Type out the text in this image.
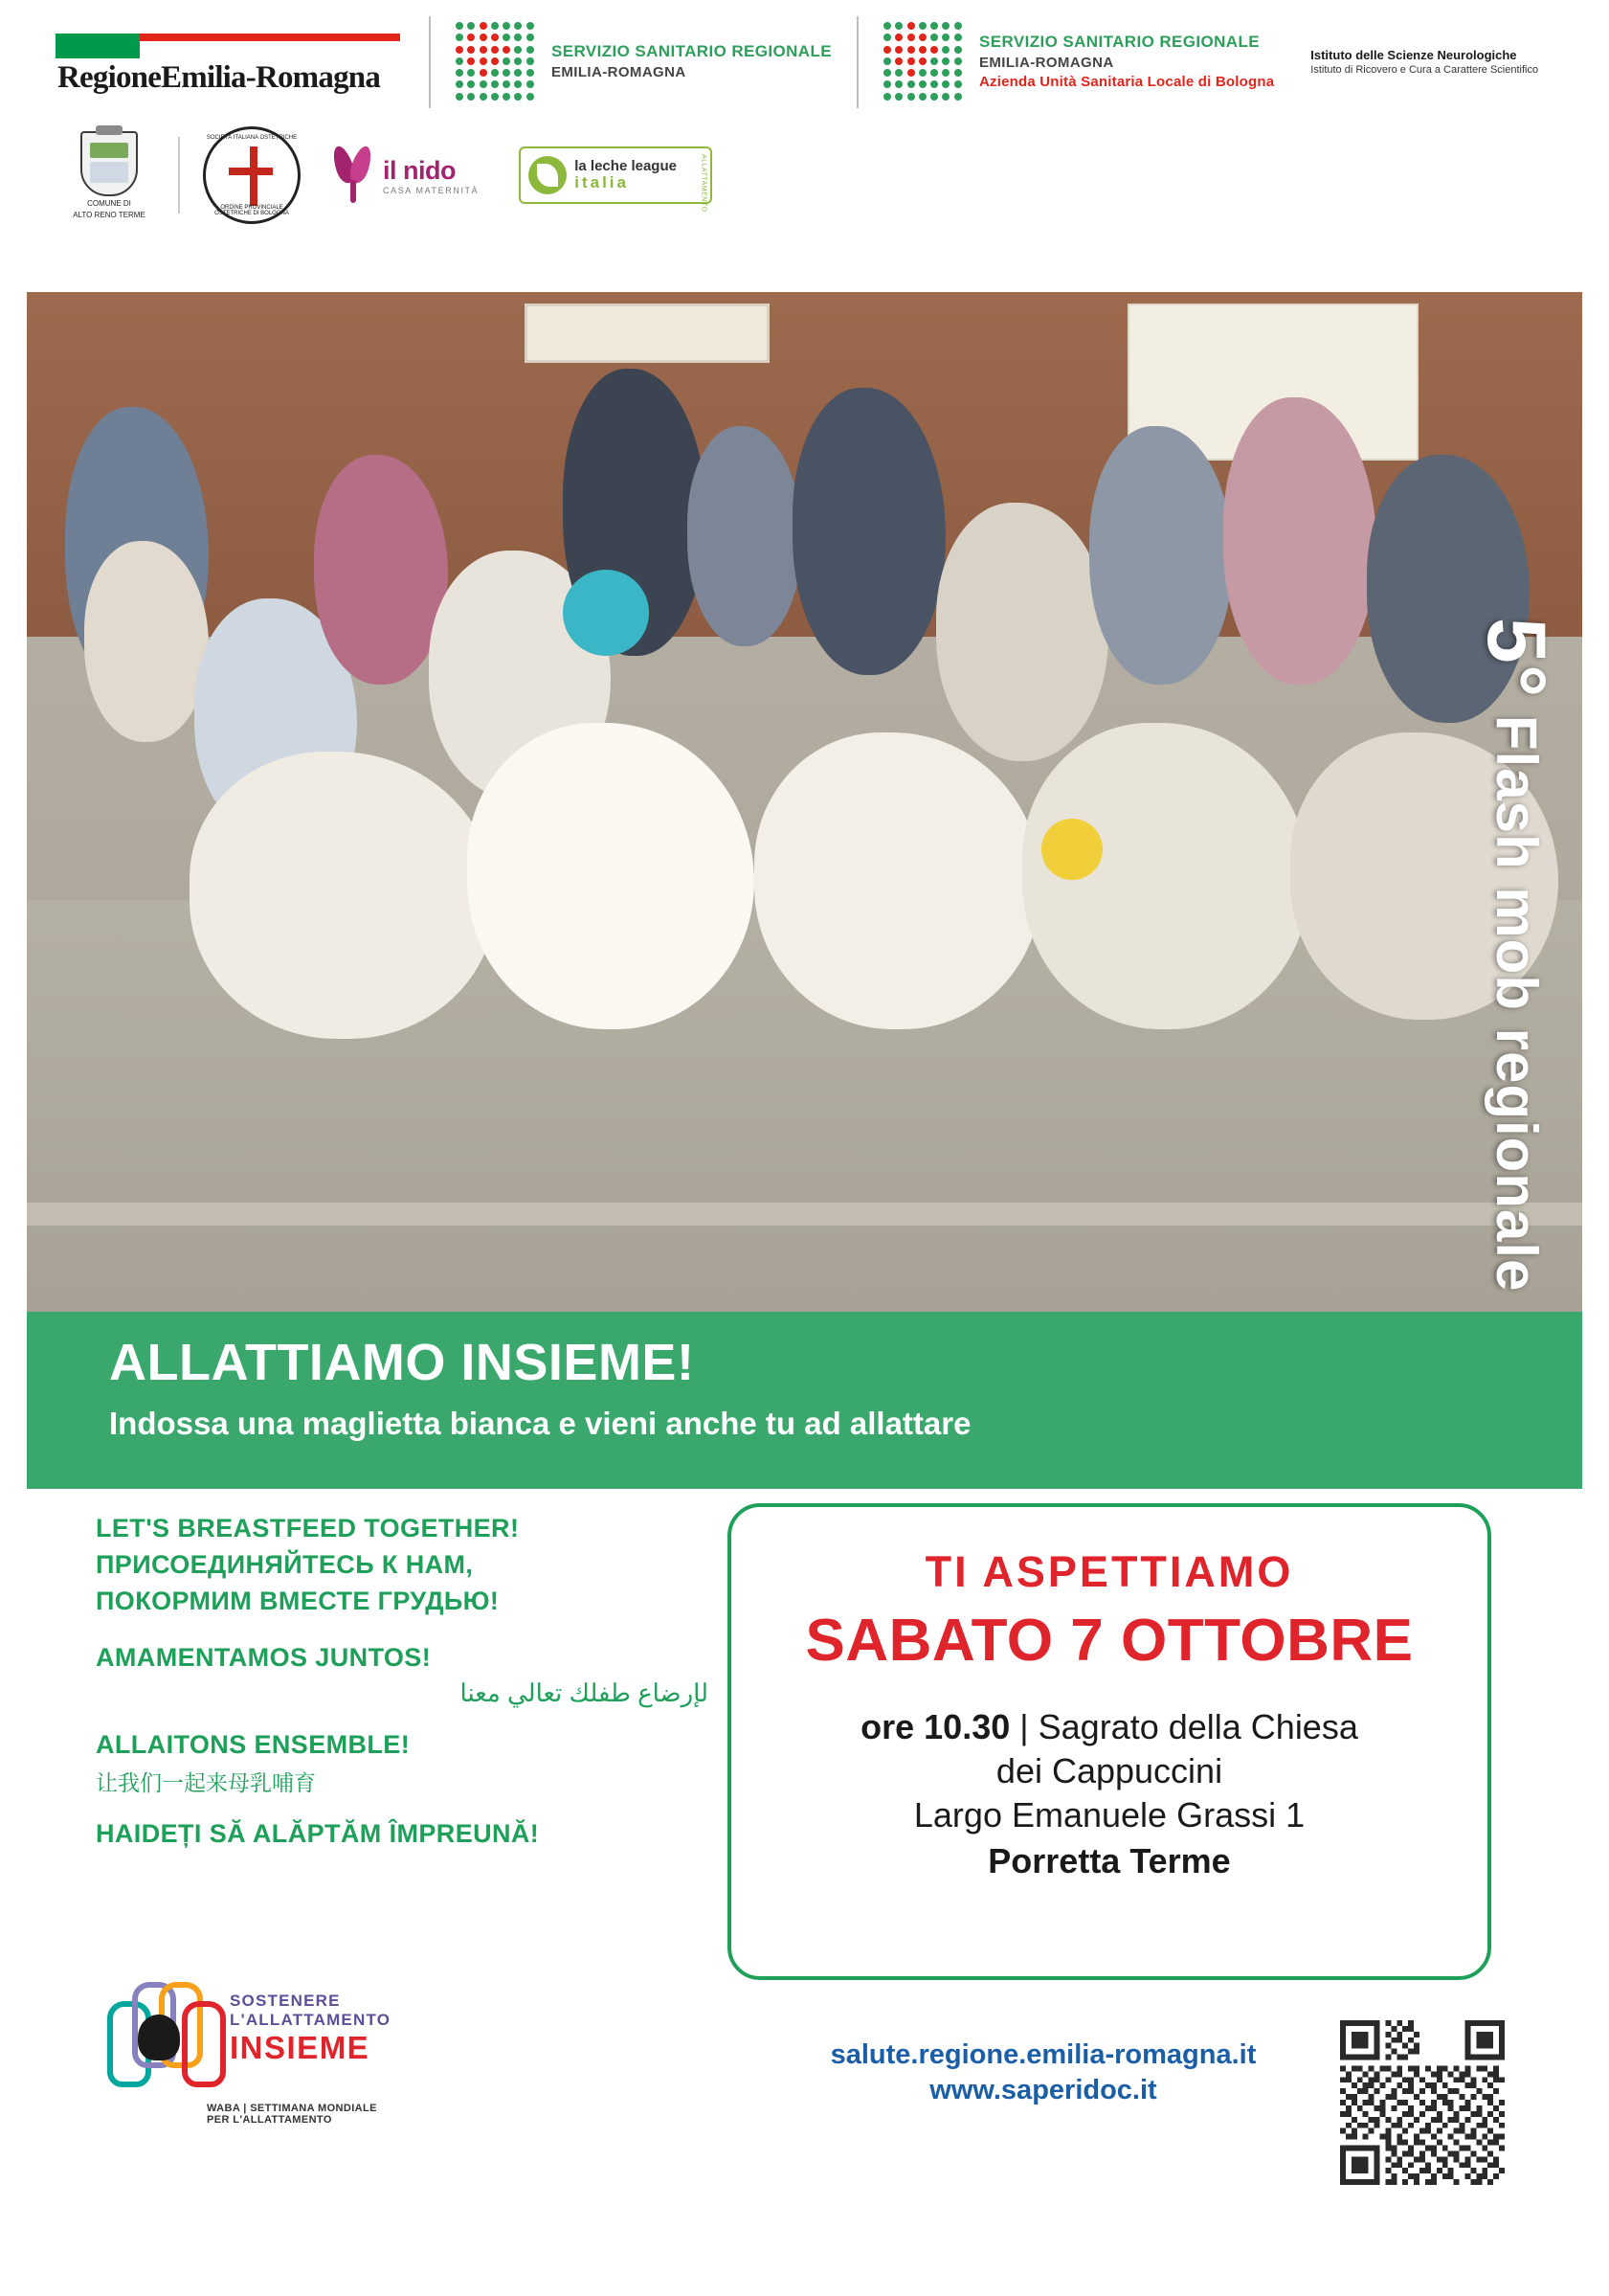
RegioneEmilia-Romagna
SERVIZIO SANITARIO REGIONALE
EMILIA-ROMAGNA
SERVIZIO SANITARIO REGIONALE
EMILIA-ROMAGNA
Azienda Unità Sanitaria Locale di Bologna
Istituto delle Scienze Neurologiche
Istituto di Ricovero e Cura a Carattere Scientifico
COMUNE DI
ALTO RENO TERME
SOCIETÀ ITALIANA OSTETRICHE
ORDINE PROVINCIALE OSTETRICHE DI BOLOGNA
il nido
CASA MATERNITÀ
la leche league
italia	ALLATTAMENTO
5° Flash mob regionale
ALLATTIAMO INSIEME!
Indossa una maglietta bianca e vieni anche tu ad allattare
LET'S BREASTFEED TOGETHER!
ПРИСОЕДИНЯЙТЕСЬ К НАМ,
ПОКОРМИМ ВМЕСТЕ ГРУДЬЮ!
AMAMENTAMOS JUNTOS!
لإرضاع طفلك تعالي معنا
ALLAITONS ENSEMBLE!
让我们一起来母乳哺育
HAIDEȚI SĂ ALĂPTĂM ÎMPREUNĂ!
TI ASPETTIAMO
SABATO 7 OTTOBRE
ore 10.30 | Sagrato della Chiesa
dei Cappuccini
Largo Emanuele Grassi 1
Porretta Terme
SOSTENERE
L'ALLATTAMENTO
INSIEME
WABA | SETTIMANA MONDIALE PER L'ALLATTAMENTO
salute.regione.emilia-romagna.it
www.saperidoc.it
